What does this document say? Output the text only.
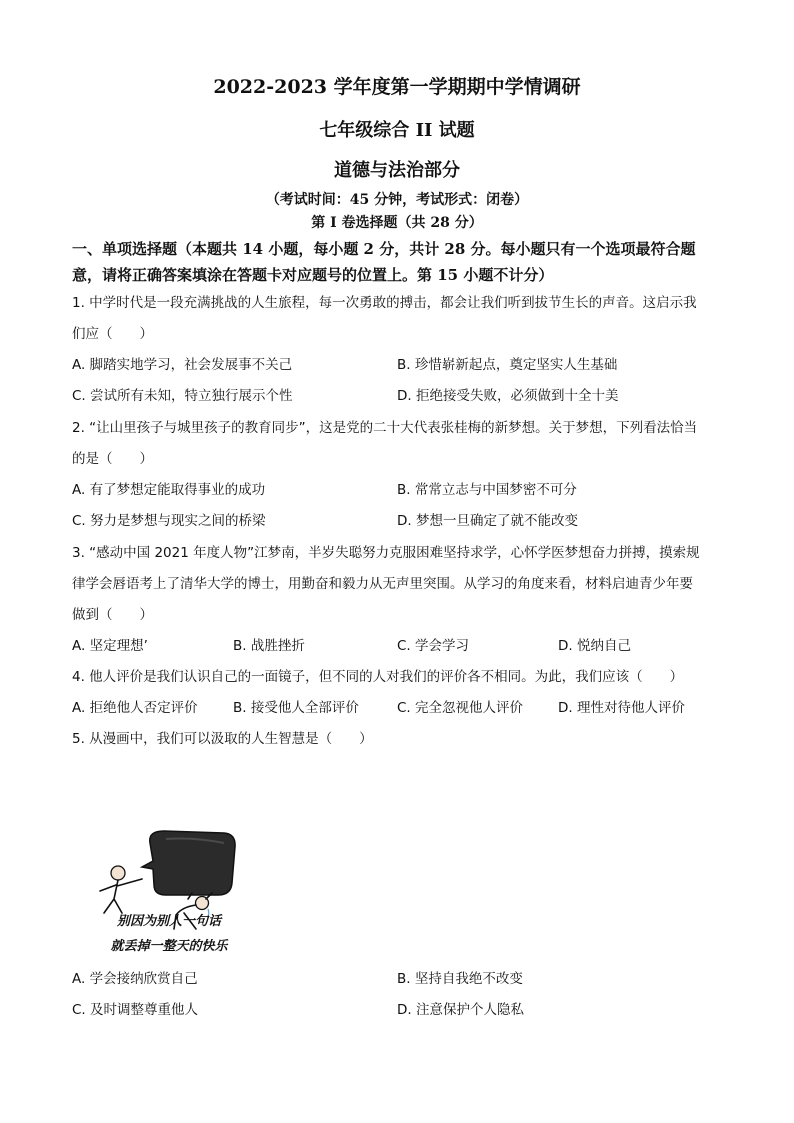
2022-2023 学年度第一学期期中学情调研
七年级综合 II 试题
道德与法治部分
（考试时间：45 分钟，考试形式：闭卷）
第 I 卷选择题（共 28 分）
一、单项选择题（本题共 14 小题，每小题 2 分，共计 28 分。每小题只有一个选项最符合题
意，请将正确答案填涂在答题卡对应题号的位置上。第 15 小题不计分）
1. 中学时代是一段充满挑战的人生旅程，每一次勇敢的搏击，都会让我们听到拔节生长的声音。这启示我
们应（　　）
A. 脚踏实地学习，社会发展事不关己	B. 珍惜崭新起点，奠定坚实人生基础
C. 尝试所有未知，特立独行展示个性	D. 拒绝接受失败，必须做到十全十美
2. “让山里孩子与城里孩子的教育同步”，这是党的二十大代表张桂梅的新梦想。关于梦想，下列看法恰当
的是（　　）
A. 有了梦想定能取得事业的成功	B. 常常立志与中国梦密不可分
C. 努力是梦想与现实之间的桥梁	D. 梦想一旦确定了就不能改变
3. “感动中国 2021 年度人物”江梦南，半岁失聪努力克服困难坚持求学，心怀学医梦想奋力拼搏，摸索规
律学会唇语考上了清华大学的博士，用勤奋和毅力从无声里突围。从学习的角度来看，材料启迪青少年要
做到（　　）
A. 坚定理想’	B. 战胜挫折	C. 学会学习	D. 悦纳自己
4. 他人评价是我们认识自己的一面镜子，但不同的人对我们的评价各不相同。为此，我们应该（　　）
A. 拒绝他人否定评价	B. 接受他人全部评价	C. 完全忽视他人评价	D. 理性对待他人评价
5. 从漫画中，我们可以汲取的人生智慧是（　　）
别因为别人一句话
就丢掉一整天的快乐
A. 学会接纳欣赏自己	B. 坚持自我绝不改变
C. 及时调整尊重他人	D. 注意保护个人隐私
